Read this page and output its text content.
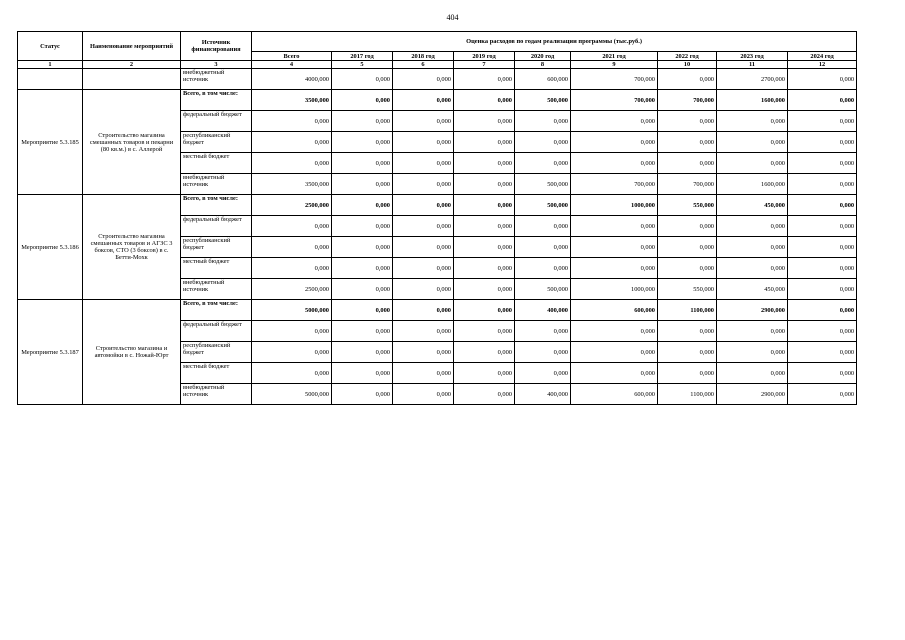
404
Статус	Наименование мероприятий	Источник финансирования	Оценка расходов по годам реализации программы (тыс.руб.)								
			Всего	2017 год	2018 год	2019 год	2020 год	2021 год	2022 год	2023 год	2024 год
1	2	3	4	5	6	7	8	9	10	11	12
		внебюджетный источник	4000,000	0,000	0,000	0,000	600,000	700,000	0,000	2700,000	0,000
Мероприятие 5.3.185	Строительство магазина смешанных товаров и пекарни (80 кв.м.) в с. Аллерой	Всего, в том числе:	3500,000	0,000	0,000	0,000	500,000	700,000	700,000	1600,000	0,000
		федеральный бюджет	0,000	0,000	0,000	0,000	0,000	0,000	0,000	0,000	0,000
		республиканский бюджет	0,000	0,000	0,000	0,000	0,000	0,000	0,000	0,000	0,000
		местный бюджет	0,000	0,000	0,000	0,000	0,000	0,000	0,000	0,000	0,000
		внебюджетный источник	3500,000	0,000	0,000	0,000	500,000	700,000	700,000	1600,000	0,000
Мероприятие 5.3.186	Строительство магазина смешанных товаров и АГЗС 3 боксов, СТО (3 боксов) в с. Бетти-Мохк	Всего, в том числе:	2500,000	0,000	0,000	0,000	500,000	1000,000	550,000	450,000	0,000
		федеральный бюджет	0,000	0,000	0,000	0,000	0,000	0,000	0,000	0,000	0,000
		республиканский бюджет	0,000	0,000	0,000	0,000	0,000	0,000	0,000	0,000	0,000
		местный бюджет	0,000	0,000	0,000	0,000	0,000	0,000	0,000	0,000	0,000
		внебюджетный источник	2500,000	0,000	0,000	0,000	500,000	1000,000	550,000	450,000	0,000
Мероприятие 5.3.187	Строительство магазина и автомойки в с. Ножай-Юрт	Всего, в том числе:	5000,000	0,000	0,000	0,000	400,000	600,000	1100,000	2900,000	0,000
		федеральный бюджет	0,000	0,000	0,000	0,000	0,000	0,000	0,000	0,000	0,000
		республиканский бюджет	0,000	0,000	0,000	0,000	0,000	0,000	0,000	0,000	0,000
		местный бюджет	0,000	0,000	0,000	0,000	0,000	0,000	0,000	0,000	0,000
		внебюджетный источник	5000,000	0,000	0,000	0,000	400,000	600,000	1100,000	2900,000	0,000
